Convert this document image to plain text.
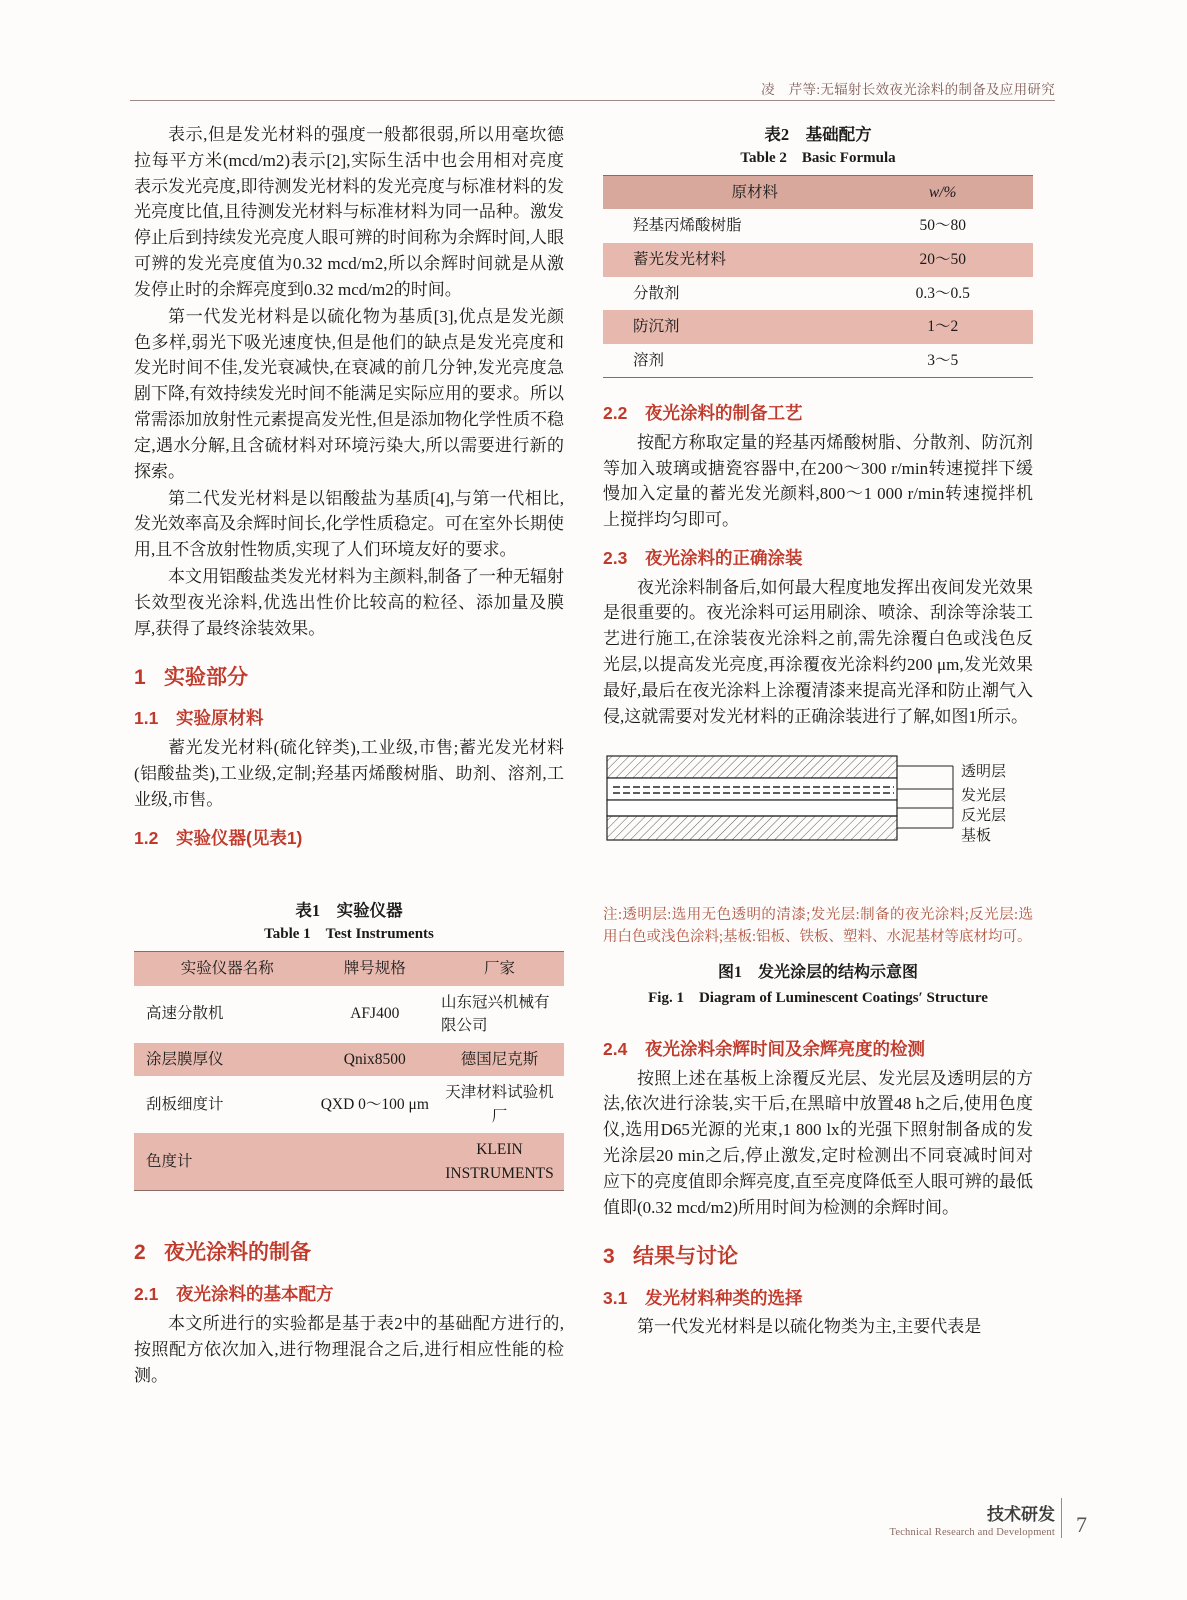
凌　芹等:无辐射长效夜光涂料的制备及应用研究

表示,但是发光材料的强度一般都很弱,所以用毫坎德拉每平方米(mcd/m2)表示[2],实际生活中也会用相对亮度表示发光亮度,即待测发光材料的发光亮度与标准材料的发光亮度比值,且待测发光材料与标准材料为同一品种。激发停止后到持续发光亮度人眼可辨的时间称为余辉时间,人眼可辨的发光亮度值为0.32 mcd/m2,所以余辉时间就是从激发停止时的余辉亮度到0.32 mcd/m2的时间。

第一代发光材料是以硫化物为基质[3],优点是发光颜色多样,弱光下吸光速度快,但是他们的缺点是发光亮度和发光时间不佳,发光衰减快,在衰减的前几分钟,发光亮度急剧下降,有效持续发光时间不能满足实际应用的要求。所以常需添加放射性元素提高发光性,但是添加物化学性质不稳定,遇水分解,且含硫材料对环境污染大,所以需要进行新的探索。

第二代发光材料是以铝酸盐为基质[4],与第一代相比,发光效率高及余辉时间长,化学性质稳定。可在室外长期使用,且不含放射性物质,实现了人们环境友好的要求。

本文用铝酸盐类发光材料为主颜料,制备了一种无辐射长效型夜光涂料,优选出性价比较高的粒径、添加量及膜厚,获得了最终涂装效果。

1 实验部分
1.1 实验原材料

蓄光发光材料(硫化锌类),工业级,市售;蓄光发光材料(铝酸盐类),工业级,定制;羟基丙烯酸树脂、助剂、溶剂,工业级,市售。

1.2 实验仪器(见表1)
表1　实验仪器
Table 1　Test Instruments
实验仪器名称	牌号规格	厂家
高速分散机	AFJ400	山东冠兴机械有限公司
涂层膜厚仪	Qnix8500	德国尼克斯
刮板细度计	QXD 0～100 μm	天津材料试验机厂
色度计		KLEIN INSTRUMENTS
2 夜光涂料的制备
2.1 夜光涂料的基本配方

本文所进行的实验都是基于表2中的基础配方进行的,按照配方依次加入,进行物理混合之后,进行相应性能的检测。

表2　基础配方
Table 2　Basic Formula
原材料	w/%
羟基丙烯酸树脂	50～80
蓄光发光材料	20～50
分散剂	0.3～0.5
防沉剂	1～2
溶剂	3～5
2.2 夜光涂料的制备工艺

按配方称取定量的羟基丙烯酸树脂、分散剂、防沉剂等加入玻璃或搪瓷容器中,在200～300 r/min转速搅拌下缓慢加入定量的蓄光发光颜料,800～1 000 r/min转速搅拌机上搅拌均匀即可。

2.3 夜光涂料的正确涂装

夜光涂料制备后,如何最大程度地发挥出夜间发光效果是很重要的。夜光涂料可运用刷涂、喷涂、刮涂等涂装工艺进行施工,在涂装夜光涂料之前,需先涂覆白色或浅色反光层,以提高发光亮度,再涂覆夜光涂料约200 μm,发光效果最好,最后在夜光涂料上涂覆清漆来提高光泽和防止潮气入侵,这就需要对发光材料的正确涂装进行了解,如图1所示。

透明层
发光层
反光层
基板
注:透明层:选用无色透明的清漆;发光层:制备的夜光涂料;反光层:选用白色或浅色涂料;基板:铝板、铁板、塑料、水泥基材等底材均可。
图1　发光涂层的结构示意图
Fig. 1　Diagram of Luminescent Coatings′ Structure
2.4 夜光涂料余辉时间及余辉亮度的检测

按照上述在基板上涂覆反光层、发光层及透明层的方法,依次进行涂装,实干后,在黑暗中放置48 h之后,使用色度仪,选用D65光源的光束,1 800 lx的光强下照射制备成的发光涂层20 min之后,停止激发,定时检测出不同衰减时间对应下的亮度值即余辉亮度,直至亮度降低至人眼可辨的最低值即(0.32 mcd/m2)所用时间为检测的余辉时间。

3 结果与讨论
3.1 发光材料种类的选择

第一代发光材料是以硫化物类为主,主要代表是

技术研发
Technical Research and Development 7
